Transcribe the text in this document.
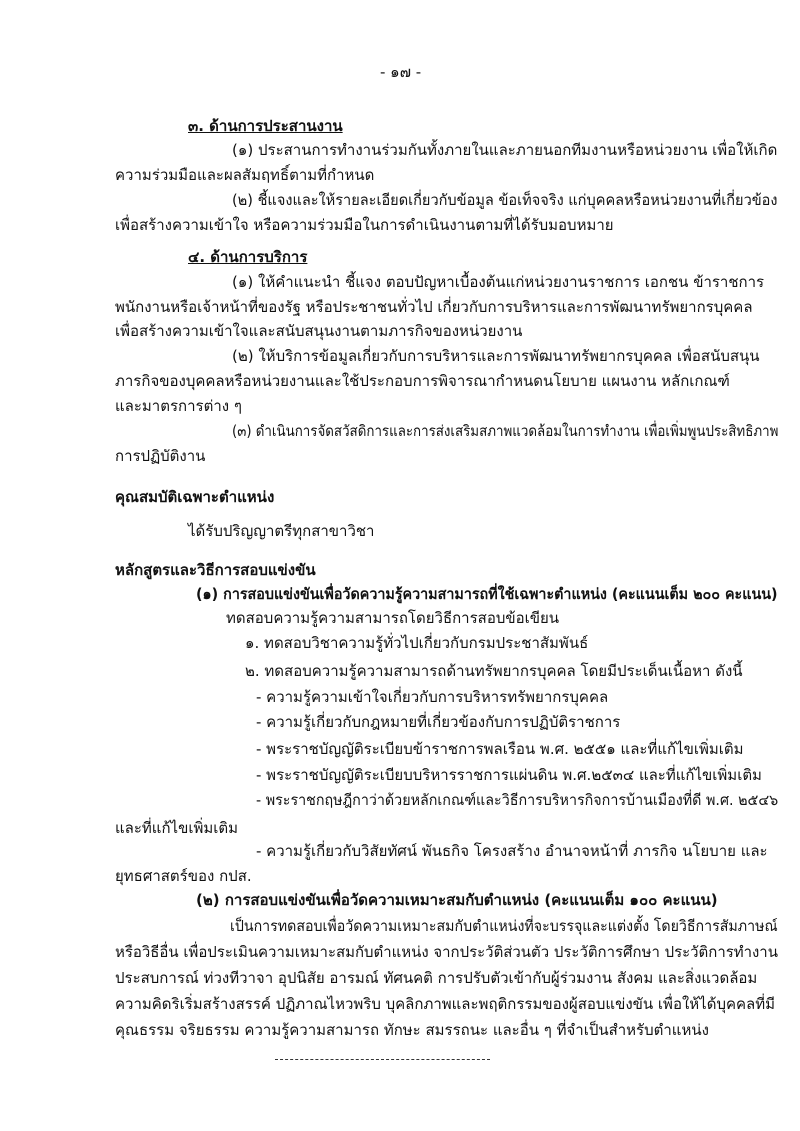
- ๑๗ -
๓. ด้านการประสานงาน
(๑) ประสานการทำงานร่วมกันทั้งภายในและภายนอกทีมงานหรือหน่วยงาน เพื่อให้เกิด
ความร่วมมือและผลสัมฤทธิ์ตามที่กำหนด
(๒) ชี้แจงและให้รายละเอียดเกี่ยวกับข้อมูล ข้อเท็จจริง แก่บุคคลหรือหน่วยงานที่เกี่ยวข้อง
เพื่อสร้างความเข้าใจ หรือความร่วมมือในการดำเนินงานตามที่ได้รับมอบหมาย
๔. ด้านการบริการ
(๑) ให้คำแนะนำ ชี้แจง ตอบปัญหาเบื้องต้นแก่หน่วยงานราชการ เอกชน ข้าราชการ
พนักงานหรือเจ้าหน้าที่ของรัฐ หรือประชาชนทั่วไป เกี่ยวกับการบริหารและการพัฒนาทรัพยากรบุคคล
เพื่อสร้างความเข้าใจและสนับสนุนงานตามภารกิจของหน่วยงาน
(๒) ให้บริการข้อมูลเกี่ยวกับการบริหารและการพัฒนาทรัพยากรบุคคล เพื่อสนับสนุน
ภารกิจของบุคคลหรือหน่วยงานและใช้ประกอบการพิจารณากำหนดนโยบาย แผนงาน หลักเกณฑ์
และมาตรการต่าง ๆ
(๓) ดำเนินการจัดสวัสดิการและการส่งเสริมสภาพแวดล้อมในการทำงาน เพื่อเพิ่มพูนประสิทธิภาพ
การปฏิบัติงาน
คุณสมบัติเฉพาะตำแหน่ง
ได้รับปริญญาตรีทุกสาขาวิชา
หลักสูตรและวิธีการสอบแข่งขัน
(๑) การสอบแข่งขันเพื่อวัดความรู้ความสามารถที่ใช้เฉพาะตำแหน่ง (คะแนนเต็ม ๒๐๐ คะแนน)
ทดสอบความรู้ความสามารถโดยวิธีการสอบข้อเขียน
๑. ทดสอบวิชาความรู้ทั่วไปเกี่ยวกับกรมประชาสัมพันธ์
๒. ทดสอบความรู้ความสามารถด้านทรัพยากรบุคคล โดยมีประเด็นเนื้อหา ดังนี้
- ความรู้ความเข้าใจเกี่ยวกับการบริหารทรัพยากรบุคคล
- ความรู้เกี่ยวกับกฎหมายที่เกี่ยวข้องกับการปฏิบัติราชการ
- พระราชบัญญัติระเบียบข้าราชการพลเรือน พ.ศ. ๒๕๕๑ และที่แก้ไขเพิ่มเติม
- พระราชบัญญัติระเบียบบริหารราชการแผ่นดิน พ.ศ.๒๕๓๔ และที่แก้ไขเพิ่มเติม
- พระราชกฤษฎีกาว่าด้วยหลักเกณฑ์และวิธีการบริหารกิจการบ้านเมืองที่ดี พ.ศ. ๒๕๔๖
และที่แก้ไขเพิ่มเติม
- ความรู้เกี่ยวกับวิสัยทัศน์ พันธกิจ โครงสร้าง อำนาจหน้าที่ ภารกิจ นโยบาย และ
ยุทธศาสตร์ของ กปส.
(๒) การสอบแข่งขันเพื่อวัดความเหมาะสมกับตำแหน่ง (คะแนนเต็ม ๑๐๐ คะแนน)
เป็นการทดสอบเพื่อวัดความเหมาะสมกับตำแหน่งที่จะบรรจุและแต่งตั้ง โดยวิธีการสัมภาษณ์
หรือวิธีอื่น เพื่อประเมินความเหมาะสมกับตำแหน่ง จากประวัติส่วนตัว ประวัติการศึกษา ประวัติการทำงาน
ประสบการณ์ ท่วงทีวาจา อุปนิสัย อารมณ์ ทัศนคติ การปรับตัวเข้ากับผู้ร่วมงาน สังคม และสิ่งแวดล้อม
ความคิดริเริ่มสร้างสรรค์ ปฏิภาณไหวพริบ บุคลิกภาพและพฤติกรรมของผู้สอบแข่งขัน เพื่อให้ได้บุคคลที่มี
คุณธรรม จริยธรรม ความรู้ความสามารถ ทักษะ สมรรถนะ และอื่น ๆ ที่จำเป็นสำหรับตำแหน่ง
